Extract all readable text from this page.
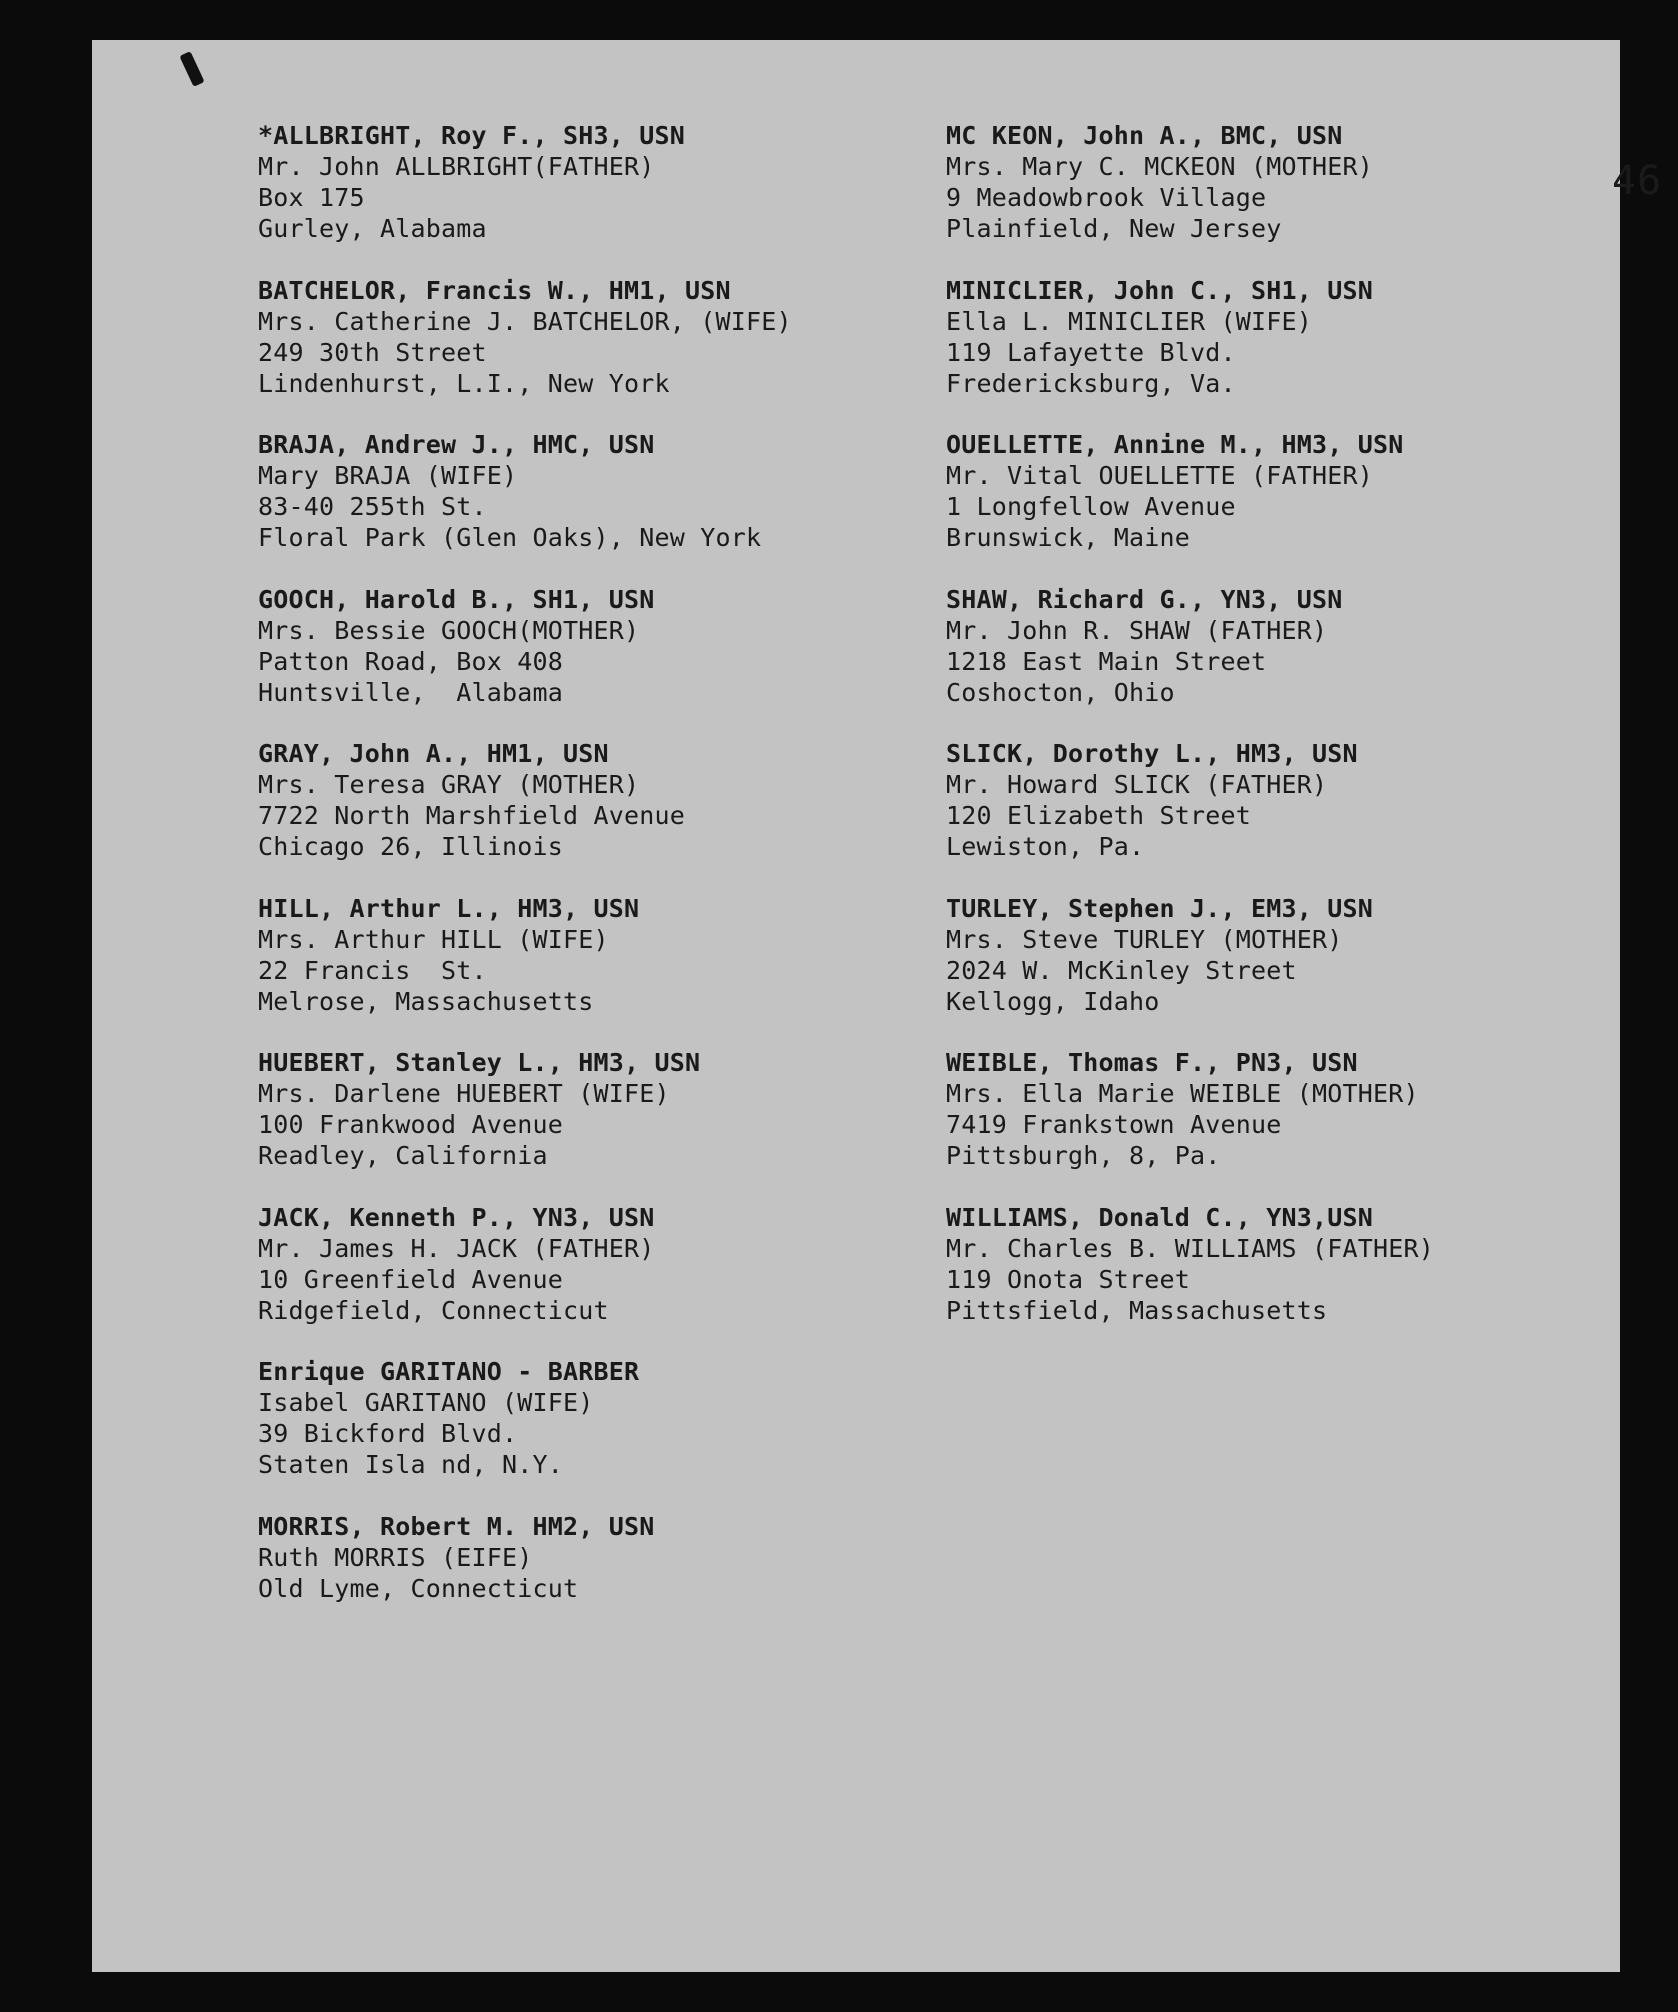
46
*ALLBRIGHT, Roy F., SH3, USN
Mr. John ALLBRIGHT(FATHER)
Box 175
Gurley, Alabama
BATCHELOR, Francis W., HM1, USN
Mrs. Catherine J. BATCHELOR, (WIFE)
249 30th Street
Lindenhurst, L.I., New York
BRAJA, Andrew J., HMC, USN
Mary BRAJA (WIFE)
83-40 255th St.
Floral Park (Glen Oaks), New York
GOOCH, Harold B., SH1, USN
Mrs. Bessie GOOCH(MOTHER)
Patton Road, Box 408
Huntsville,  Alabama
GRAY, John A., HM1, USN
Mrs. Teresa GRAY (MOTHER)
7722 North Marshfield Avenue
Chicago 26, Illinois
HILL, Arthur L., HM3, USN
Mrs. Arthur HILL (WIFE)
22 Francis  St.
Melrose, Massachusetts
HUEBERT, Stanley L., HM3, USN
Mrs. Darlene HUEBERT (WIFE)
100 Frankwood Avenue
Readley, California
JACK, Kenneth P., YN3, USN
Mr. James H. JACK (FATHER)
10 Greenfield Avenue
Ridgefield, Connecticut
Enrique GARITANO - BARBER
Isabel GARITANO (WIFE)
39 Bickford Blvd.
Staten Isla nd, N.Y.
MORRIS, Robert M. HM2, USN
Ruth MORRIS (EIFE)
Old Lyme, Connecticut
MC KEON, John A., BMC, USN
Mrs. Mary C. MCKEON (MOTHER)
9 Meadowbrook Village
Plainfield, New Jersey
MINICLIER, John C., SH1, USN
Ella L. MINICLIER (WIFE)
119 Lafayette Blvd.
Fredericksburg, Va.
OUELLETTE, Annine M., HM3, USN
Mr. Vital OUELLETTE (FATHER)
1 Longfellow Avenue
Brunswick, Maine
SHAW, Richard G., YN3, USN
Mr. John R. SHAW (FATHER)
1218 East Main Street
Coshocton, Ohio
SLICK, Dorothy L., HM3, USN
Mr. Howard SLICK (FATHER)
120 Elizabeth Street
Lewiston, Pa.
TURLEY, Stephen J., EM3, USN
Mrs. Steve TURLEY (MOTHER)
2024 W. McKinley Street
Kellogg, Idaho
WEIBLE, Thomas F., PN3, USN
Mrs. Ella Marie WEIBLE (MOTHER)
7419 Frankstown Avenue
Pittsburgh, 8, Pa.
WILLIAMS, Donald C., YN3,USN
Mr. Charles B. WILLIAMS (FATHER)
119 Onota Street
Pittsfield, Massachusetts
